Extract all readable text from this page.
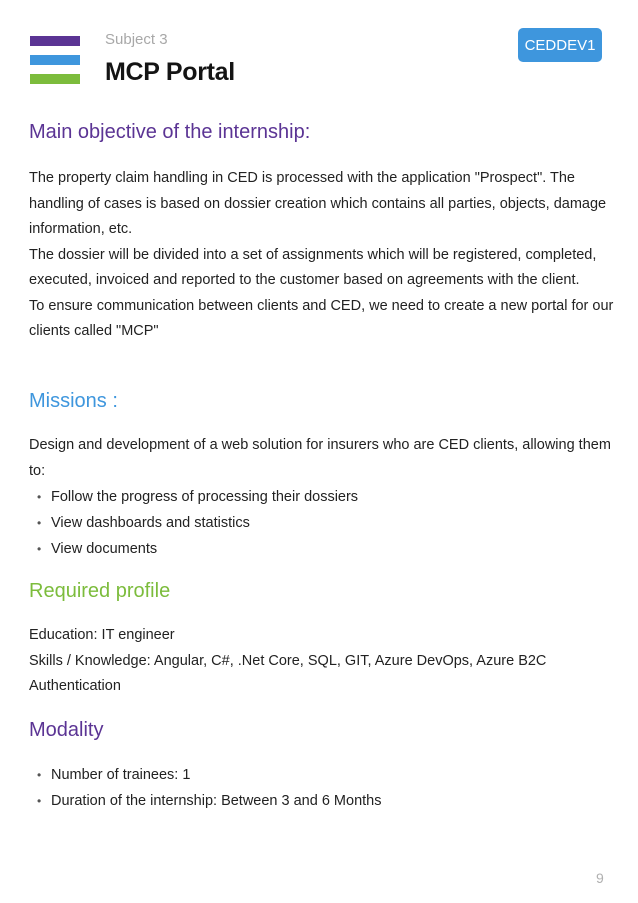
Subject 3
MCP Portal
CEDDEV1
Main objective of the internship:

The property claim handling in CED is processed with the application "Prospect". The handling of cases is based on dossier creation which contains all parties, objects, damage information, etc.

The dossier will be divided into a set of assignments which will be registered, completed, executed, invoiced and reported to the customer based on agreements with the client.

To ensure communication between clients and CED, we need to create a new portal for our clients called "MCP"

Missions :
Design and development of a web solution for insurers who are CED clients, allowing them to:
• Follow the progress of processing their dossiers
• View dashboards and statistics
• View documents
Required profile

Education: IT engineer

Skills / Knowledge: Angular, C#, .Net Core, SQL, GIT, Azure DevOps, Azure B2C Authentication

Modality
• Number of trainees: 1
• Duration of the internship: Between 3 and 6 Months
9
